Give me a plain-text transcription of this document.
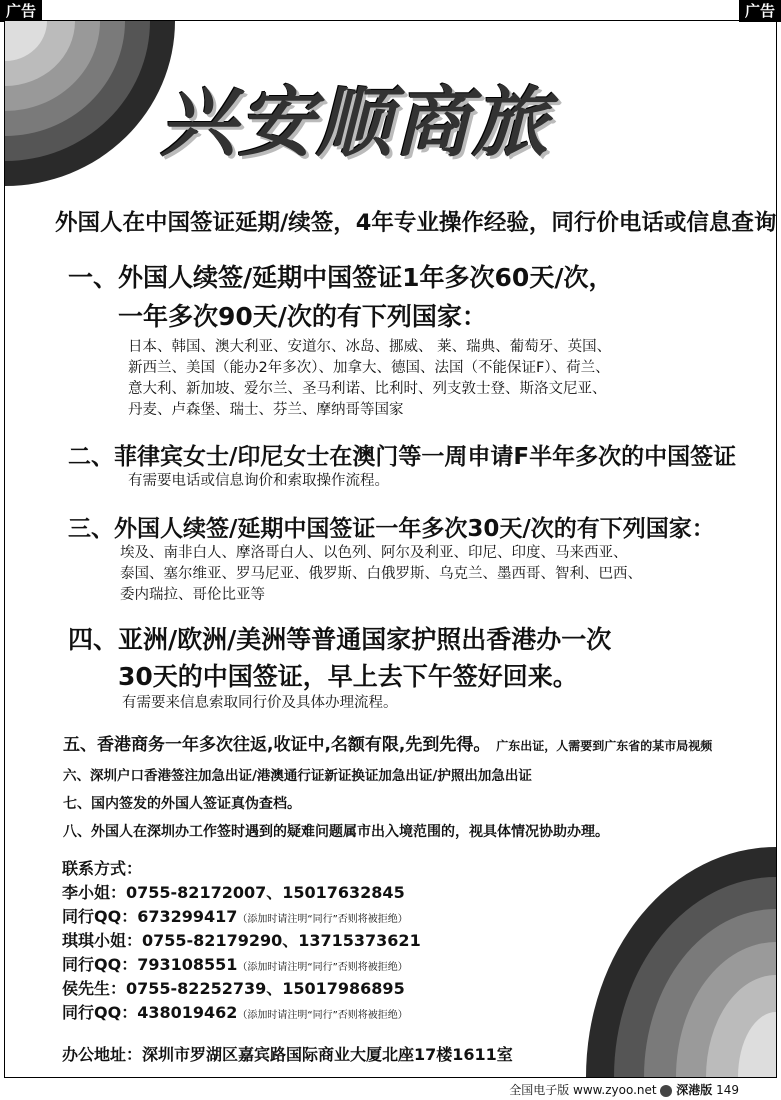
广告	广告
兴安顺商旅
外国人在中国签证延期/续签，4年专业操作经验，同行价电话或信息查询
一、外国人续签/延期中国签证1年多次60天/次，
一年多次90天/次的有下列国家：
日本、韩国、澳大利亚、安道尔、冰岛、挪威、 莱、瑞典、葡萄牙、英国、
新西兰、美国（能办2年多次）、加拿大、德国、法国（不能保证F）、荷兰、
意大利、新加坡、爱尔兰、圣马利诺、比利时、列支敦士登、斯洛文尼亚、
丹麦、卢森堡、瑞士、芬兰、摩纳哥等国家
二、菲律宾女士/印尼女士在澳门等一周申请F半年多次的中国签证
有需要电话或信息询价和索取操作流程。
三、外国人续签/延期中国签证一年多次30天/次的有下列国家：
埃及、南非白人、摩洛哥白人、以色列、阿尔及利亚、印尼、印度、马来西亚、
泰国、塞尔维亚、罗马尼亚、俄罗斯、白俄罗斯、乌克兰、墨西哥、智利、巴西、
委内瑞拉、哥伦比亚等
四、亚洲/欧洲/美洲等普通国家护照出香港办一次
30天的中国签证，早上去下午签好回来。
有需要来信息索取同行价及具体办理流程。
五、香港商务一年多次往返,收证中,名额有限,先到先得。 广东出证，人需要到广东省的某市局视频
六、深圳户口香港签注加急出证/港澳通行证新证换证加急出证/护照出加急出证
七、国内签发的外国人签证真伪查档。
八、外国人在深圳办工作签时遇到的疑难问题属市出入境范围的，视具体情况协助办理。
联系方式：
李小姐：0755-82172007、15017632845
同行QQ：673299417（添加时请注明“同行”否则将被拒绝）
琪琪小姐：0755-82179290、13715373621
同行QQ：793108551（添加时请注明“同行”否则将被拒绝）
侯先生：0755-82252739、15017986895
同行QQ：438019462（添加时请注明“同行”否则将被拒绝）
办公地址：深圳市罗湖区嘉宾路国际商业大厦北座17楼1611室
全国电子版 www.zyoo.net 深港版 149
